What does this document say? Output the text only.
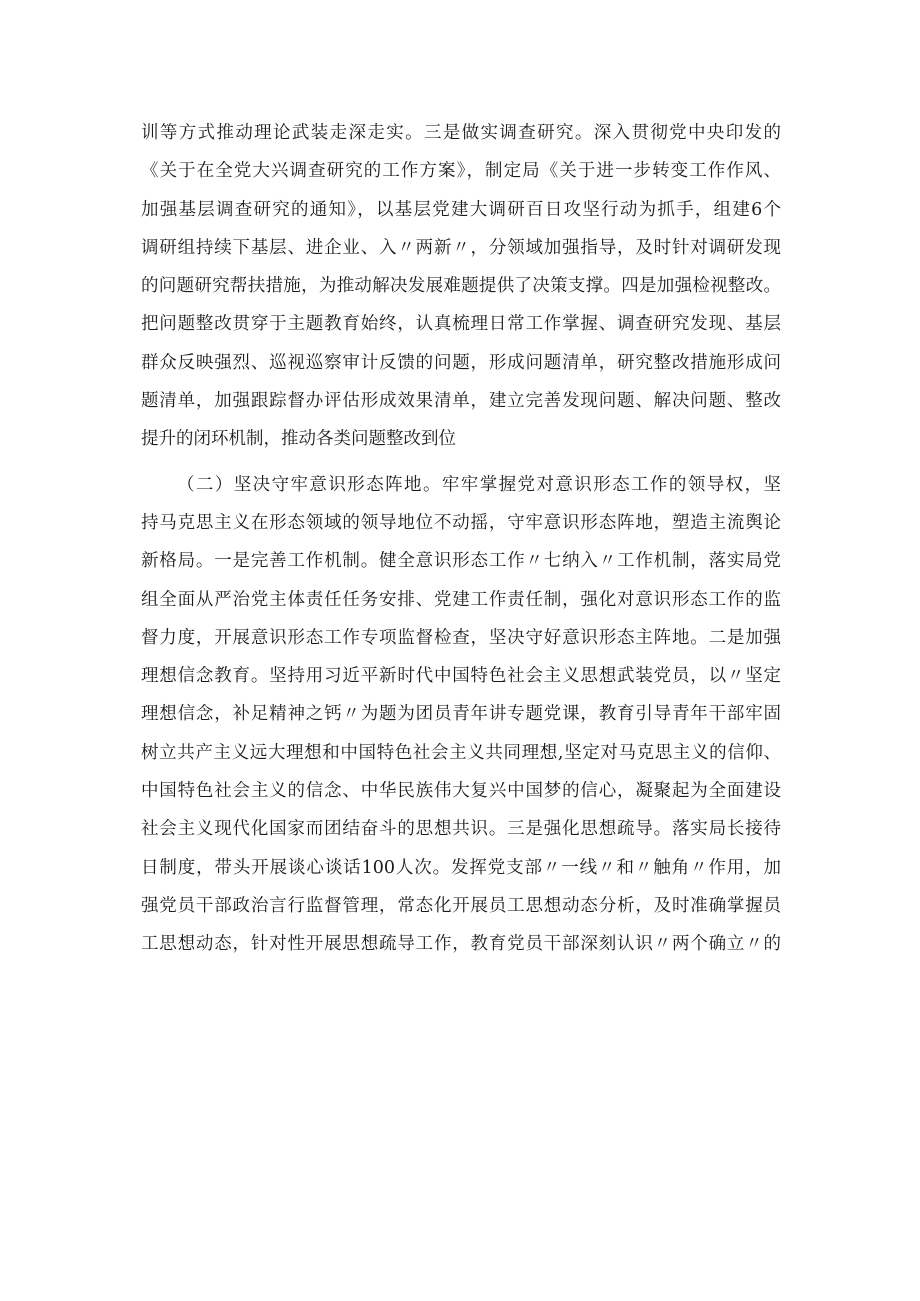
训等方式推动理论武装走深走实。三是做实调查研究。深入贯彻党中央印发的
《关于在全党大兴调查研究的工作方案》，制定局《关于进一步转变工作作风、
加强基层调查研究的通知》，以基层党建大调研百日攻坚行动为抓手，组建6个
调研组持续下基层、进企业、入〃两新〃，分领域加强指导，及时针对调研发现
的问题研究帮扶措施，为推动解决发展难题提供了决策支撑。四是加强检视整改。
把问题整改贯穿于主题教育始终，认真梳理日常工作掌握、调查研究发现、基层
群众反映强烈、巡视巡察审计反馈的问题，形成问题清单，研究整改措施形成问
题清单，加强跟踪督办评估形成效果清单，建立完善发现问题、解决问题、整改
提升的闭环机制，推动各类问题整改到位
（二）坚决守牢意识形态阵地。牢牢掌握党对意识形态工作的领导权，坚
持马克思主义在形态领域的领导地位不动摇，守牢意识形态阵地，塑造主流舆论
新格局。一是完善工作机制。健全意识形态工作〃七纳入〃工作机制，落实局党
组全面从严治党主体责任任务安排、党建工作责任制，强化对意识形态工作的监
督力度，开展意识形态工作专项监督检查，坚决守好意识形态主阵地。二是加强
理想信念教育。坚持用习近平新时代中国特色社会主义思想武装党员，以〃坚定
理想信念，补足精神之钙〃为题为团员青年讲专题党课，教育引导青年干部牢固
树立共产主义远大理想和中国特色社会主义共同理想,坚定对马克思主义的信仰、
中国特色社会主义的信念、中华民族伟大复兴中国梦的信心，凝聚起为全面建设
社会主义现代化国家而团结奋斗的思想共识。三是强化思想疏导。落实局长接待
日制度，带头开展谈心谈话100人次。发挥党支部〃一线〃和〃触角〃作用，加
强党员干部政治言行监督管理，常态化开展员工思想动态分析，及时准确掌握员
工思想动态，针对性开展思想疏导工作，教育党员干部深刻认识〃两个确立〃的
